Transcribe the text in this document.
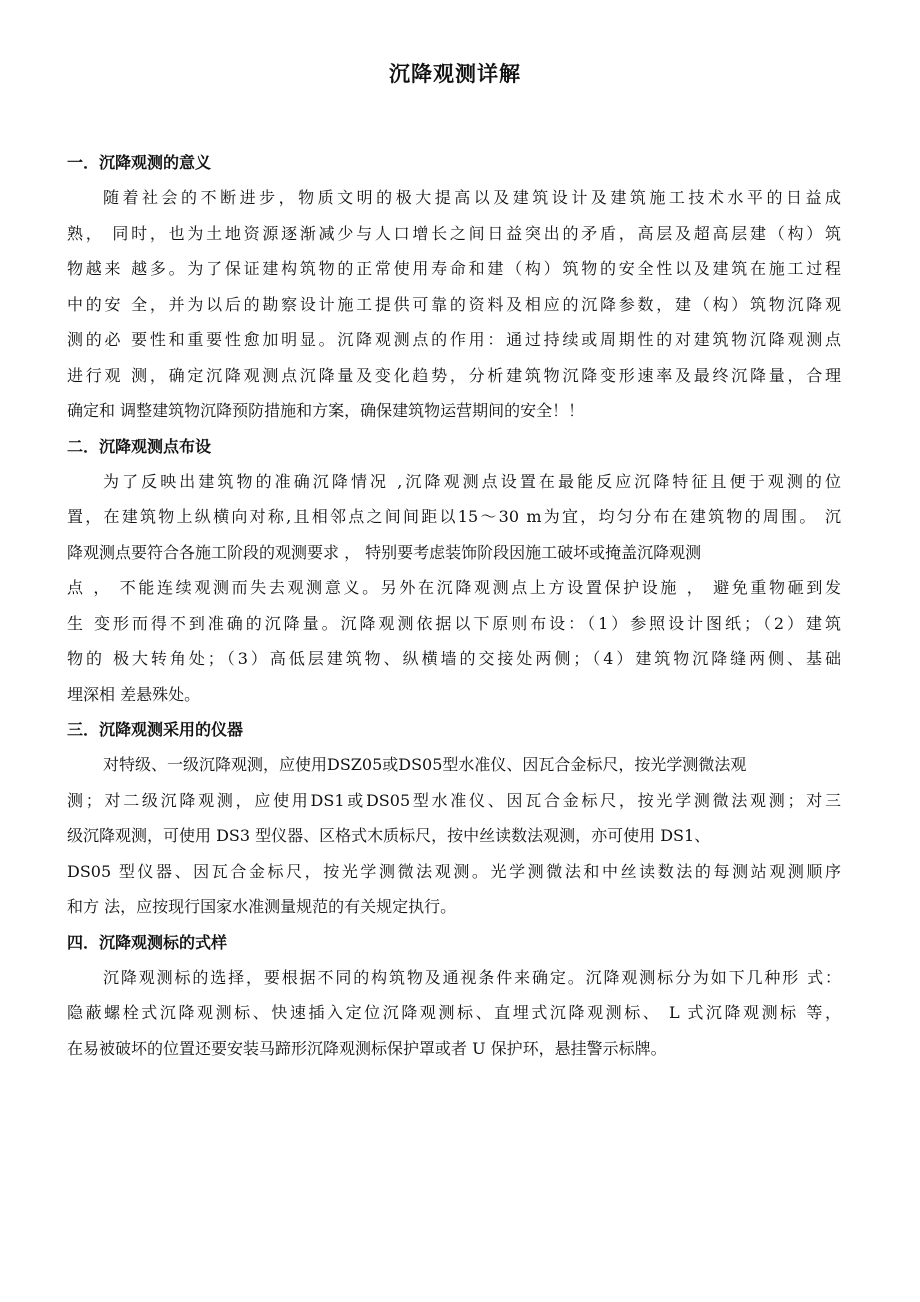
沉降观测详解
一．沉降观测的意义
随着社会的不断进步，物质文明的极大提高以及建筑设计及建筑施工技术水平的日益成
熟， 同时，也为土地资源逐渐减少与人口增长之间日益突出的矛盾，高层及超高层建（构）筑
物越来 越多。为了保证建构筑物的正常使用寿命和建（构）筑物的安全性以及建筑在施工过程
中的安 全，并为以后的勘察设计施工提供可靠的资料及相应的沉降参数，建（构）筑物沉降观
测的必 要性和重要性愈加明显。沉降观测点的作用：通过持续或周期性的对建筑物沉降观测点
进行观 测，确定沉降观测点沉降量及变化趋势，分析建筑物沉降变形速率及最终沉降量，合理
确定和 调整建筑物沉降预防措施和方案，确保建筑物运营期间的安全！！
二．沉降观测点布设
为了反映出建筑物的准确沉降情况 ,沉降观测点设置在最能反应沉降特征且便于观测的位
置，在建筑物上纵横向对称,且相邻点之间间距以15～30 m为宜，均匀分布在建筑物的周围。 沉
降观测点要符合各施工阶段的观测要求 ， 特别要考虑装饰阶段因施工破坏或掩盖沉降观测
点 ， 不能连续观测而失去观测意义。另外在沉降观测点上方设置保护设施 ， 避免重物砸到发
生 变形而得不到准确的沉降量。沉降观测依据以下原则布设：（1）参照设计图纸；（2）建筑
物的 极大转角处；（3）高低层建筑物、纵横墙的交接处两侧；（4）建筑物沉降缝两侧、基础
埋深相 差悬殊处。
三．沉降观测采用的仪器
对特级、一级沉降观测，应使用DSZ05或DS05型水准仪、因瓦合金标尺，按光学测微法观
测；对二级沉降观测，应使用DS1或DS05型水准仪、因瓦合金标尺，按光学测微法观测；对三
级沉降观测，可使用 DS3 型仪器、区格式木质标尺，按中丝读数法观测，亦可使用 DS1、
DS05 型仪器、因瓦合金标尺，按光学测微法观测。光学测微法和中丝读数法的每测站观测顺序
和方 法，应按现行国家水准测量规范的有关规定执行。
四．沉降观测标的式样
沉降观测标的选择，要根据不同的构筑物及通视条件来确定。沉降观测标分为如下几种形 式：
隐蔽螺栓式沉降观测标、快速插入定位沉降观测标、直埋式沉降观测标、 L 式沉降观测标 等，
在易被破坏的位置还要安装马蹄形沉降观测标保护罩或者 U 保护环，悬挂警示标牌。
